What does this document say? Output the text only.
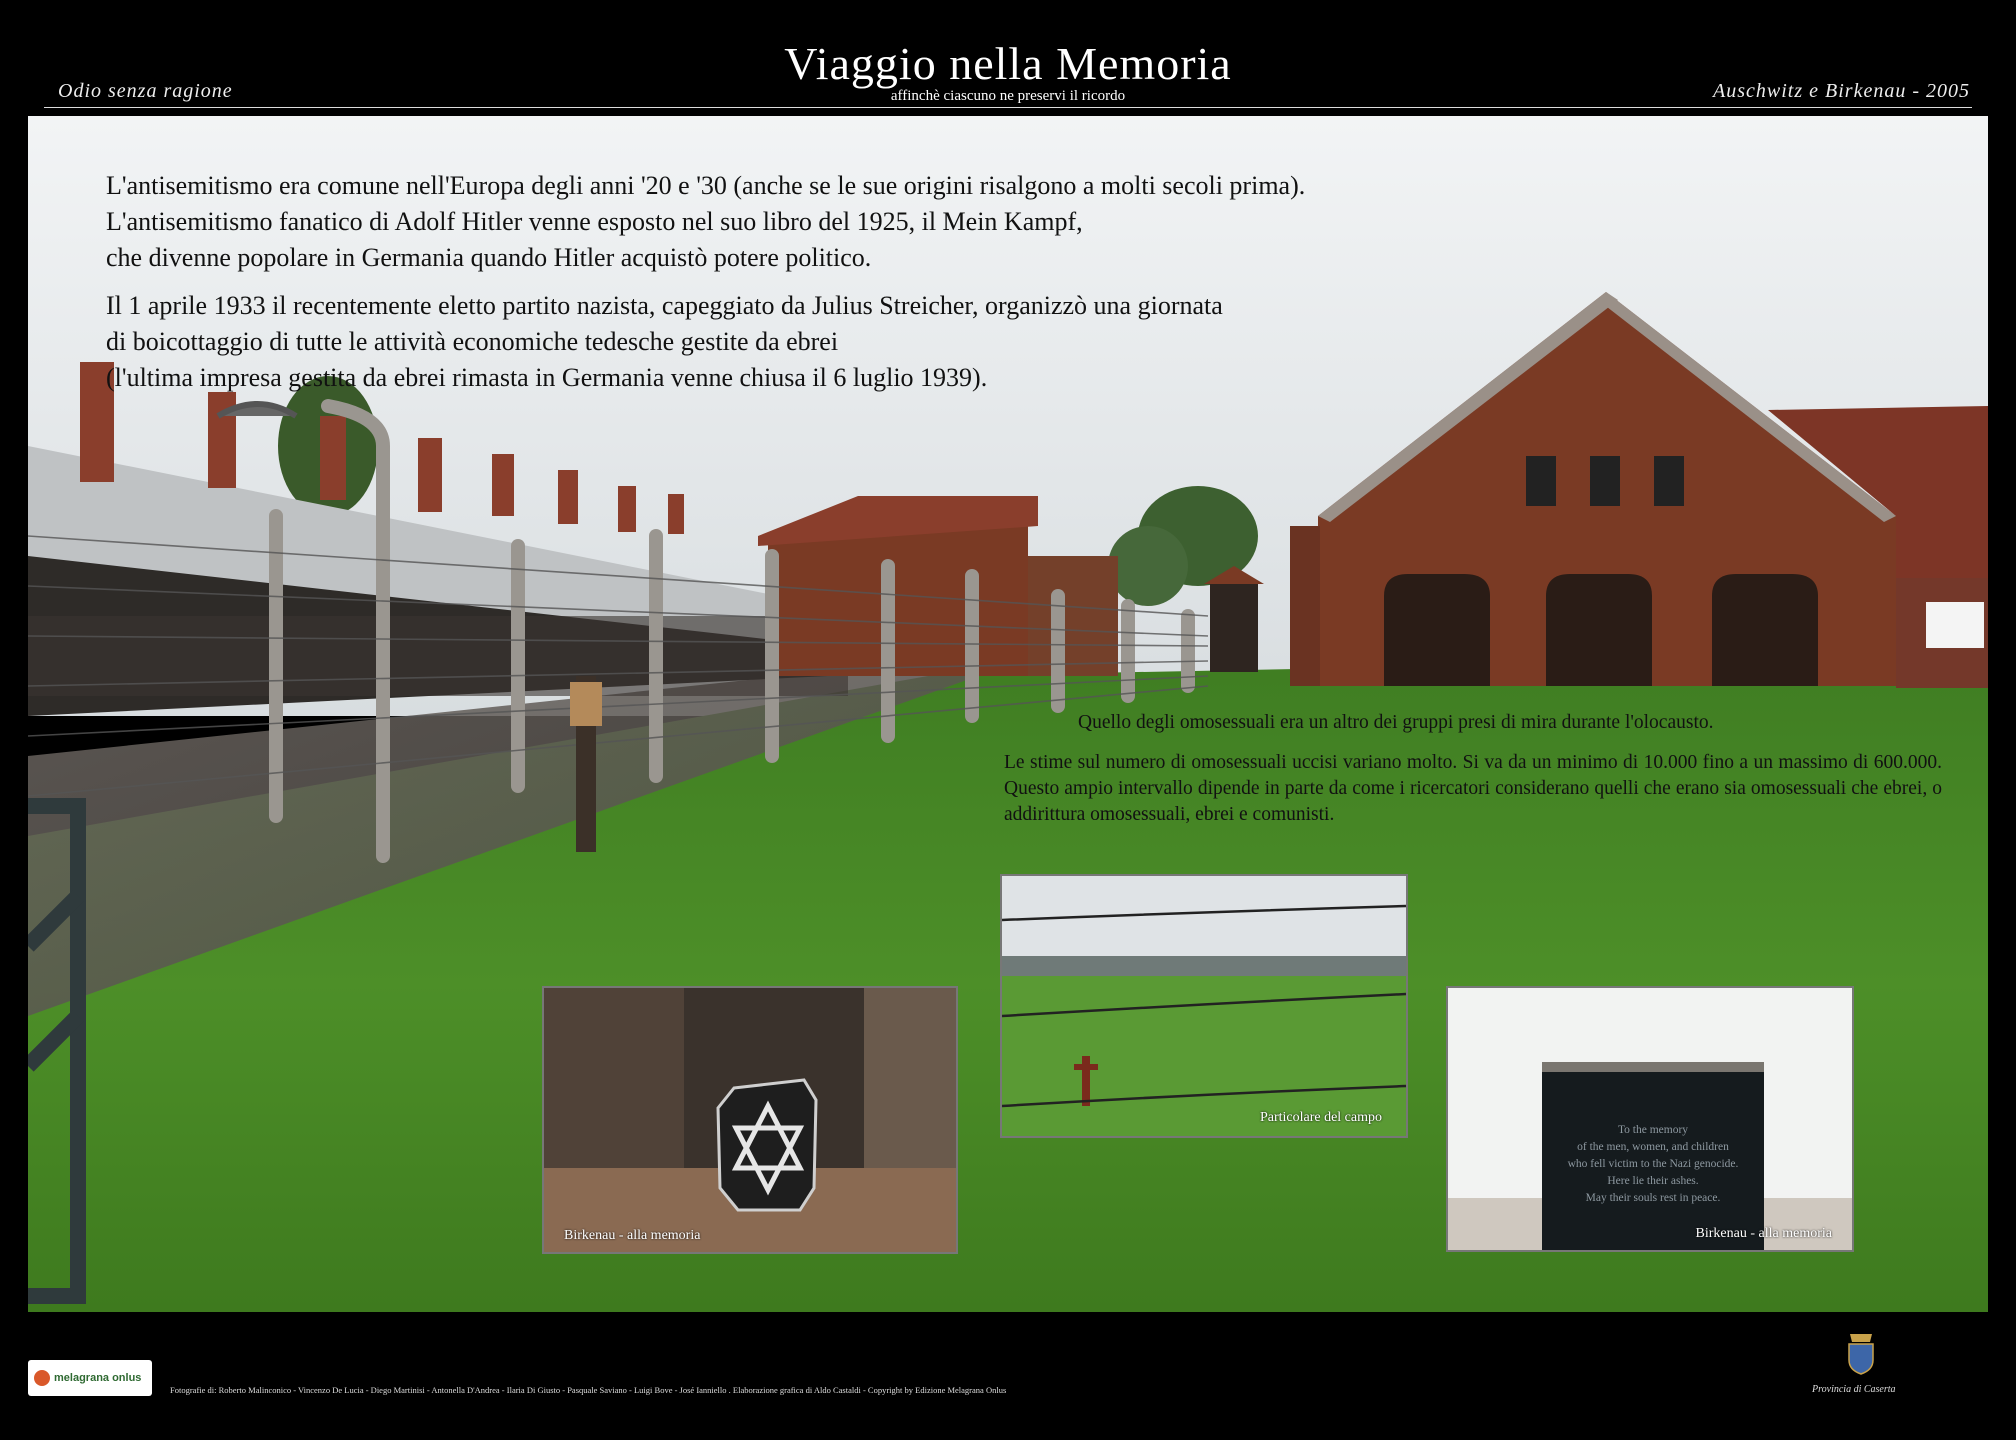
Viaggio nella Memoria
affinchè ciascuno ne preservi il ricordo
Odio senza ragione	Auschwitz e Birkenau - 2005
L'antisemitismo era comune nell'Europa degli anni '20 e '30 (anche se le sue origini risalgono a molti secoli prima).
L'antisemitismo fanatico di Adolf Hitler venne esposto nel suo libro del 1925, il Mein Kampf,
che divenne popolare in Germania quando Hitler acquistò potere politico.
Il 1 aprile 1933 il recentemente eletto partito nazista, capeggiato da Julius Streicher, organizzò una giornata
di boicottaggio di tutte le attività economiche tedesche gestite da ebrei
(l'ultima impresa gestita da ebrei rimasta in Germania venne chiusa il 6 luglio 1939).
Quello degli omosessuali era un altro dei gruppi presi di mira durante l'olocausto.
Le stime sul numero di omosessuali uccisi variano molto. Si va da un minimo di 10.000 fino a un massimo di 600.000. Questo ampio intervallo dipende in parte da come i ricercatori considerano quelli che erano sia omosessuali che ebrei, o addirittura omosessuali, ebrei e comunisti.
Birkenau - alla memoria
Particolare del campo
To the memory
of the men, women, and children
who fell victim to the Nazi genocide.
Here lie their ashes.
May their souls rest in peace.
Birkenau - alla memoria
melagrana onlus
Fotografie di: Roberto Malinconico - Vincenzo De Lucia - Diego Martinisi - Antonella D'Andrea - Ilaria Di Giusto - Pasquale Saviano - Luigi Bove - José Ianniello . Elaborazione grafica di Aldo Castaldi - Copyright by Edizione Melagrana Onlus	Provincia di Caserta
